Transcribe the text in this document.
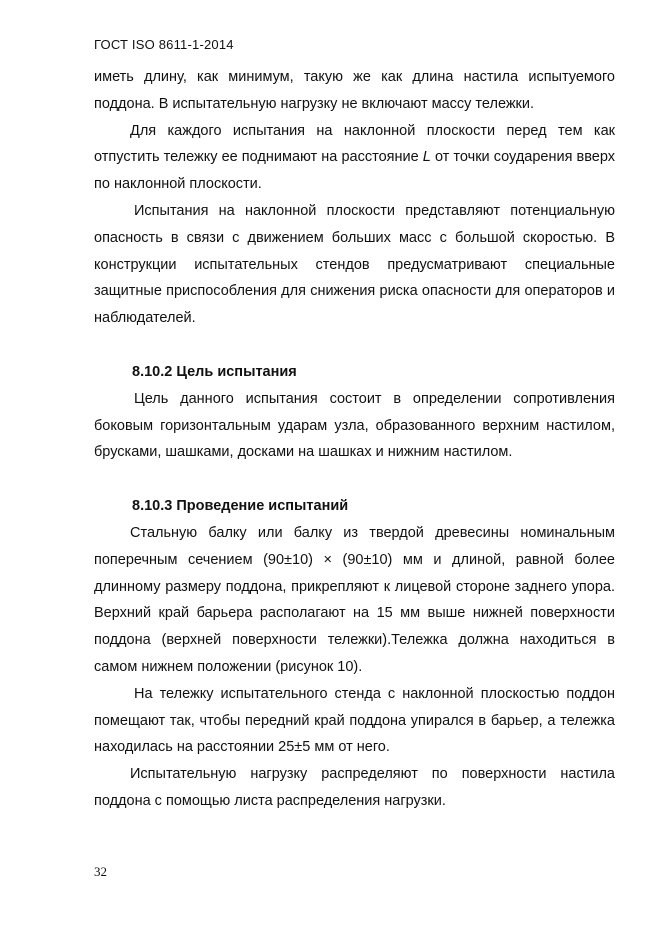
ГОСТ ISO 8611-1-2014

иметь длину, как минимум, такую же как длина настила испытуемого поддона. В испытательную нагрузку не включают массу тележки.

Для каждого испытания на наклонной плоскости перед тем как отпустить тележку ее поднимают на расстояние L от точки соударения вверх по наклонной плоскости.

Испытания на наклонной плоскости представляют потенциальную опасность в связи с движением больших масс с большой скоростью. В конструкции испытательных стендов предусматривают специальные защитные приспособления для снижения риска опасности для операторов и наблюдателей.

8.10.2 Цель испытания

Цель данного испытания состоит в определении сопротивления боковым горизонтальным ударам узла, образованного верхним настилом, брусками, шашками, досками на шашках и нижним настилом.

8.10.3 Проведение испытаний

Стальную балку или балку из твердой древесины номинальным поперечным сечением (90±10) × (90±10) мм и длиной, равной более длинному размеру поддона, прикрепляют к лицевой стороне заднего упора. Верхний край барьера располагают на 15 мм выше нижней поверхности поддона (верхней поверхности тележки).Тележка должна находиться в самом нижнем положении (рисунок 10).

На тележку испытательного стенда с наклонной плоскостью поддон помещают так, чтобы передний край поддона упирался в барьер, а тележка находилась на расстоянии 25±5 мм от него.

Испытательную нагрузку распределяют по поверхности настила поддона с помощью листа распределения нагрузки.

32
